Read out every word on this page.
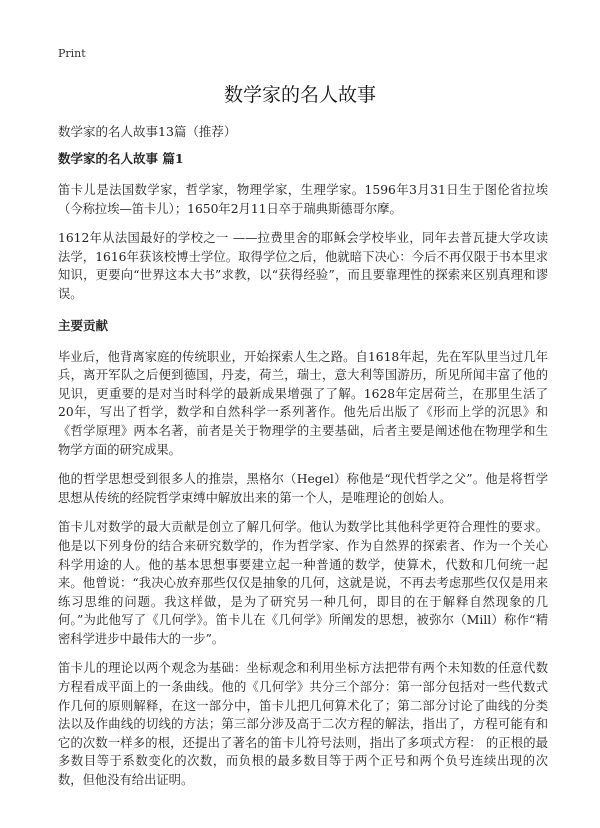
Print
数学家的名人故事

数学家的名人故事13篇（推荐）

数学家的名人故事 篇1

笛卡儿是法国数学家，哲学家，物理学家，生理学家。1596年3月31日生于图伦省拉埃（今称拉埃—笛卡儿）；1650年2月11日卒于瑞典斯德哥尔摩。

1612年从法国最好的学校之一 ——拉费里舍的耶稣会学校毕业，同年去普瓦捷大学攻读法学，1616年获该校博士学位。取得学位之后，他就暗下决心：今后不再仅限于书本里求知识，更要向“世界这本大书”求教，以“获得经验”，而且要靠理性的探索来区别真理和谬误。

主要贡献

毕业后，他背离家庭的传统职业，开始探索人生之路。自1618年起，先在军队里当过几年兵，离开军队之后便到德国，丹麦，荷兰，瑞士，意大利等国游历，所见所闻丰富了他的见识，更重要的是对当时科学的最新成果增强了了解。1628年定居荷兰，在那里生活了 20年，写出了哲学，数学和自然科学一系列著作。他先后出版了《形而上学的沉思》和《哲学原理》两本名著，前者是关于物理学的主要基础，后者主要是阐述他在物理学和生物学方面的研究成果。

他的哲学思想受到很多人的推崇，黑格尔（Hegel）称他是“现代哲学之父”。他是将哲学思想从传统的经院哲学束缚中解放出来的第一个人，是唯理论的创始人。

笛卡儿对数学的最大贡献是创立了解几何学。他认为数学比其他科学更符合理性的要求。他是以下列身份的结合来研究数学的，作为哲学家、作为自然界的探索者、作为一个关心科学用途的人。他的基本思想事要建立起一种普通的数学，使算术，代数和几何统一起来。他曾说：“我决心放弃那些仅仅是抽象的几何，这就是说，不再去考虑那些仅仅是用来练习思维的问题。我这样做，是为了研究另一种几何，即目的在于解释自然现象的几何。”为此他写了《几何学》。笛卡儿在《几何学》所阐发的思想，被弥尔（Mill）称作“精密科学进步中最伟大的一步”。

笛卡儿的理论以两个观念为基础：坐标观念和利用坐标方法把带有两个未知数的任意代数方程看成平面上的一条曲线。他的《几何学》共分三个部分：第一部分包括对一些代数式作几何的原则解释，在这一部分中，笛卡儿把几何算术化了；第二部分讨论了曲线的分类法以及作曲线的切线的方法；第三部分涉及高于二次方程的解法，指出了，方程可能有和它的次数一样多的根，还提出了著名的笛卡儿符号法则，指出了多项式方程： 的正根的最多数目等于系数变化的次数，而负根的最多数目等于两个正号和两个负号连续出现的次数，但他没有给出证明。
